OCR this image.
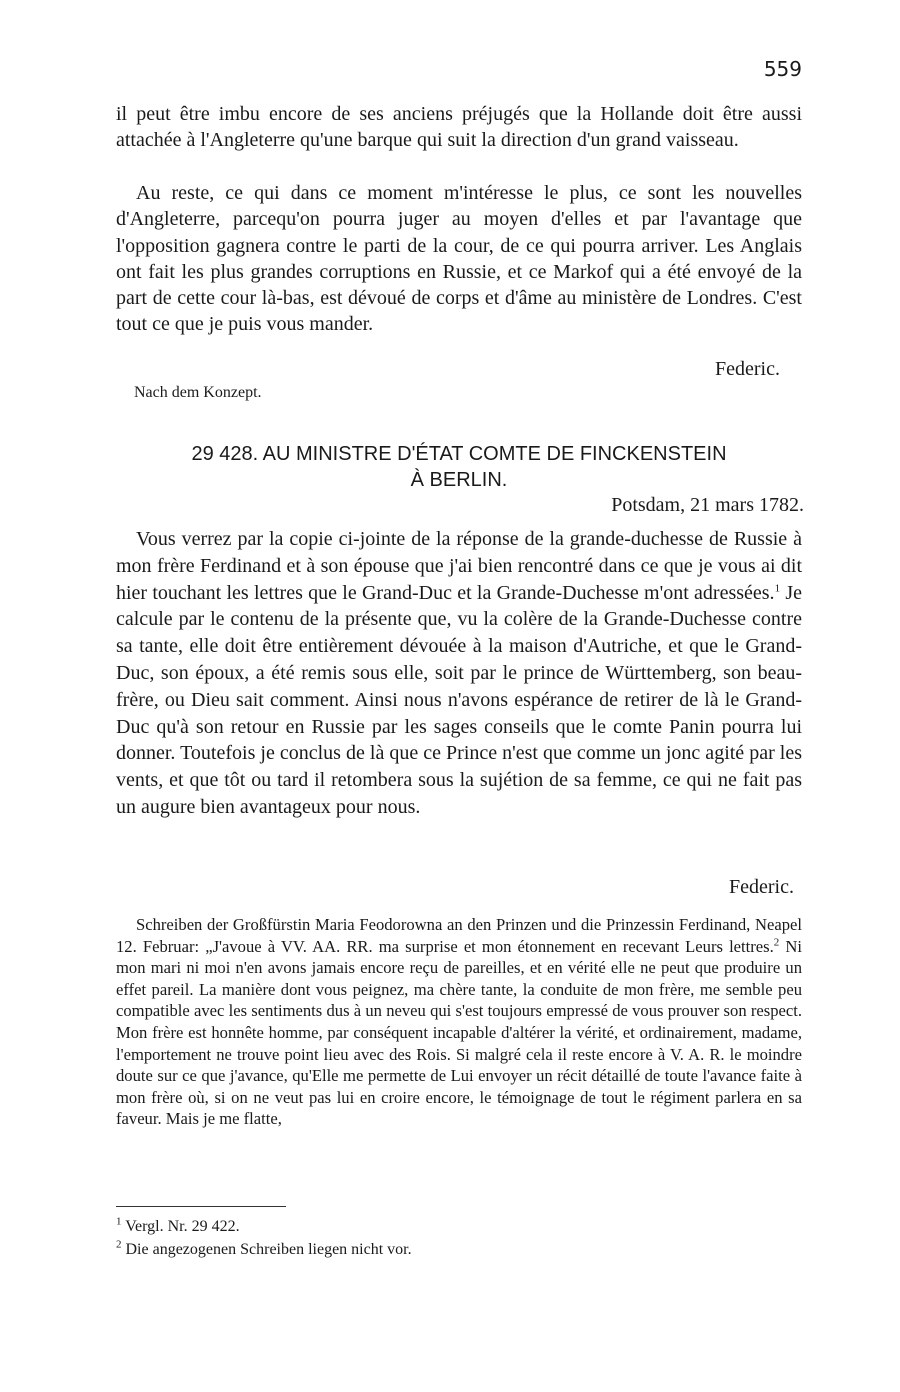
559
il peut être imbu encore de ses anciens préjugés que la Hollande doit être aussi attachée à l'Angleterre qu'une barque qui suit la direction d'un grand vaisseau.
Au reste, ce qui dans ce moment m'intéresse le plus, ce sont les nouvelles d'Angleterre, parcequ'on pourra juger au moyen d'elles et par l'avantage que l'opposition gagnera contre le parti de la cour, de ce qui pourra arriver. Les Anglais ont fait les plus grandes corruptions en Russie, et ce Markof qui a été envoyé de la part de cette cour là-bas, est dévoué de corps et d'âme au ministère de Londres. C'est tout ce que je puis vous mander.
Federic.
Nach dem Konzept.
29 428. AU MINISTRE D'ÉTAT COMTE DE FINCKENSTEIN
À BERLIN.
Potsdam, 21 mars 1782.
Vous verrez par la copie ci-jointe de la réponse de la grande-duchesse de Russie à mon frère Ferdinand et à son épouse que j'ai bien rencontré dans ce que je vous ai dit hier touchant les lettres que le Grand-Duc et la Grande-Duchesse m'ont adressées.$^1$ Je calcule par le contenu de la présente que, vu la colère de la Grande-Duchesse contre sa tante, elle doit être entièrement dévouée à la maison d'Autriche, et que le Grand-Duc, son époux, a été remis sous elle, soit par le prince de Württemberg, son beau-frère, ou Dieu sait comment. Ainsi nous n'avons espérance de retirer de là le Grand-Duc qu'à son retour en Russie par les sages conseils que le comte Panin pourra lui donner. Toutefois je conclus de là que ce Prince n'est que comme un jonc agité par les vents, et que tôt ou tard il retombera sous la sujétion de sa femme, ce qui ne fait pas un augure bien avantageux pour nous.
Federic.
Schreiben der Großfürstin Maria Feodorowna an den Prinzen und die Prinzessin Ferdinand, Neapel 12. Februar: „J'avoue à VV. AA. RR. ma surprise et mon étonnement en recevant Leurs lettres.$^2$ Ni mon mari ni moi n'en avons jamais encore reçu de pareilles, et en vérité elle ne peut que produire un effet pareil. La manière dont vous peignez, ma chère tante, la conduite de mon frère, me semble peu compatible avec les sentiments dus à un neveu qui s'est toujours empressé de vous prouver son respect. Mon frère est honnête homme, par conséquent incapable d'altérer la vérité, et ordinairement, madame, l'emportement ne trouve point lieu avec des Rois. Si malgré cela il reste encore à V. A. R. le moindre doute sur ce que j'avance, qu'Elle me permette de Lui envoyer un récit détaillé de toute l'avance faite à mon frère où, si on ne veut pas lui en croire encore, le témoignage de tout le régiment parlera en sa faveur. Mais je me flatte,
$^1$ Vergl. Nr. 29 422.
$^2$ Die angezogenen Schreiben liegen nicht vor.
